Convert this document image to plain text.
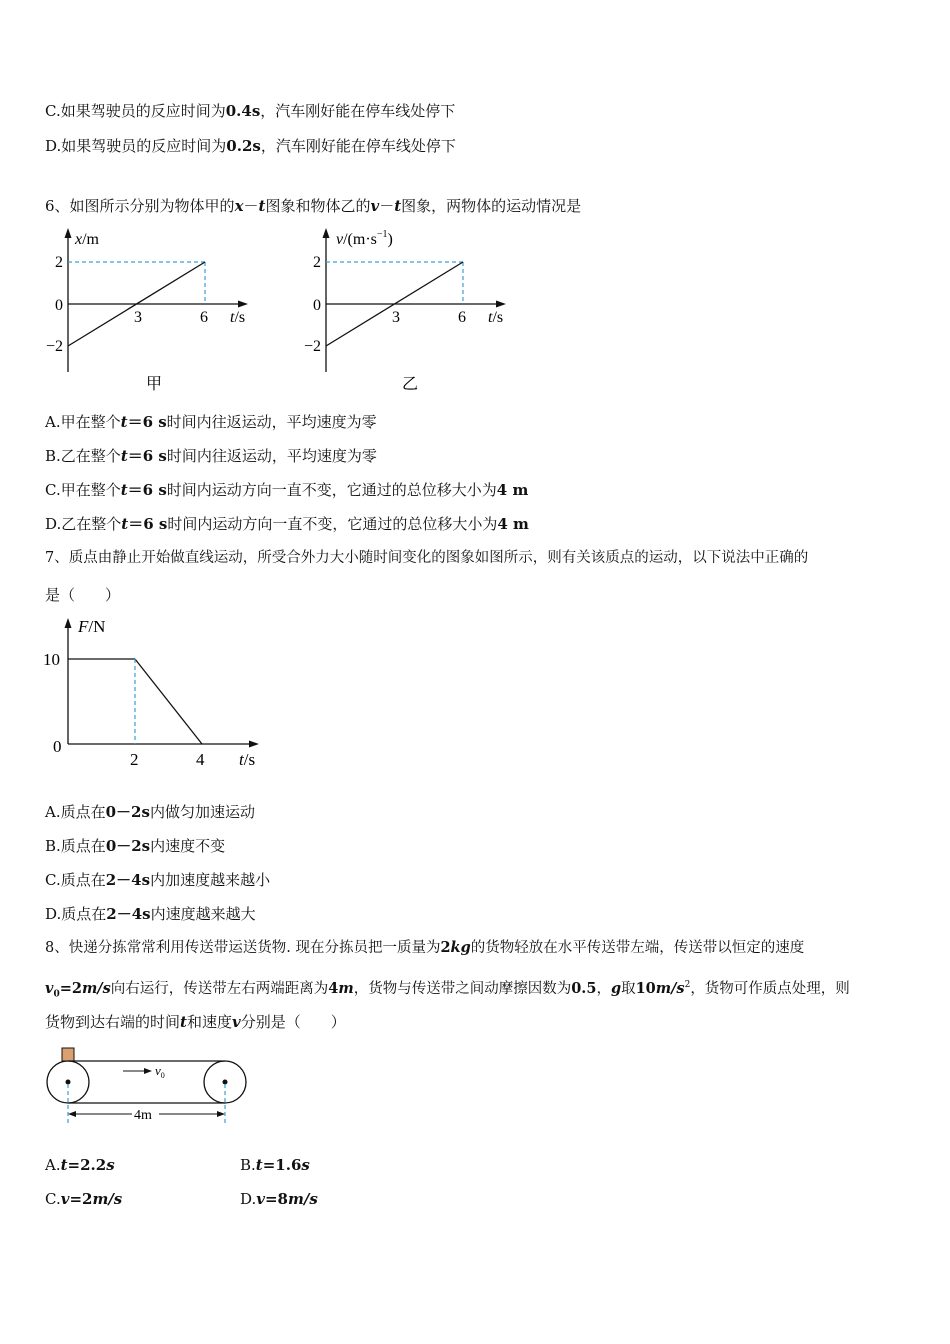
C.如果驾驶员的反应时间为0.4s，汽车刚好能在停车线处停下
D.如果驾驶员的反应时间为0.2s，汽车刚好能在停车线处停下
6、如图所示分别为物体甲的x－t图象和物体乙的v－t图象，两物体的运动情况是
x/m
2
0
−2
3	6 t/s
甲
$v/(m\cdot s^{-1})$
2
0
−2
3	6 t/s
乙
A.甲在整个t＝6 s时间内往返运动，平均速度为零
B.乙在整个t＝6 s时间内往返运动，平均速度为零
C.甲在整个t＝6 s时间内运动方向一直不变，它通过的总位移大小为4 m
D.乙在整个t＝6 s时间内运动方向一直不变，它通过的总位移大小为4 m
7、质点由静止开始做直线运动，所受合外力大小随时间变化的图象如图所示，则有关该质点的运动，以下说法中正确的
是（　　）
F/N
10
0
2	4 t/s
A.质点在0－2s内做匀加速运动
B.质点在0－2s内速度不变
C.质点在2－4s内加速度越来越小
D.质点在2－4s内速度越来越大
8、快递分拣常常利用传送带运送货物. 现在分拣员把一质量为2kg的货物轻放在水平传送带左端，传送带以恒定的速度
$v_0=2m/s$向右运行，传送带左右两端距离为4m，货物与传送带之间动摩擦因数为0.5，g取$10m/s^2$，货物可作质点处理，则
货物到达右端的时间t和速度v分别是（　　）
$v_0$
4m
A.t=2.2s	B.t=1.6s
C.v=2m/s	D.v=8m/s
